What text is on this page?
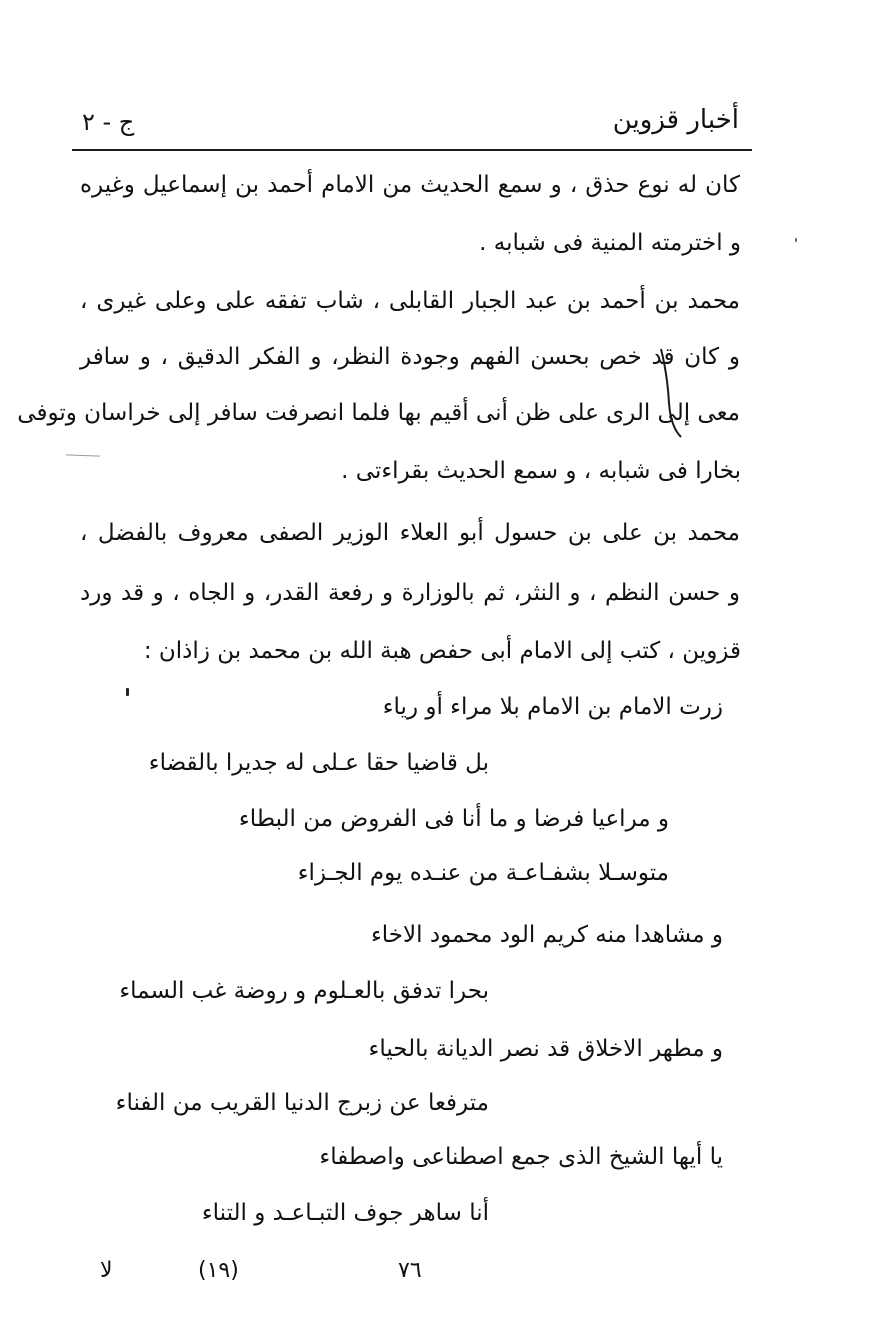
أخبار قزوين
ج - ٢
كان له نوع حذق ، و سمع الحديث من الامام أحمد بن إسماعيل وغيره
و اخترمته المنية فى شبابه .
محمد بن أحمد بن عبد الجبار القابلى ، شاب تفقه على وعلى غيرى ،
و كان قد خص بحسن الفهم وجودة النظر، و الفكر الدقيق ، و سافر
معى إلى الرى على ظن أنى أقيم بها فلما انصرفت سافر إلى خراسان وتوفى
بخارا فى شبابه ، و سمع الحديث بقراءتى .
محمد بن على بن حسول أبو العلاء الوزير الصفى معروف بالفضل ،
و حسن النظم ، و النثر، ثم بالوزارة و رفعة القدر، و الجاه ، و قد ورد
قزوين ، كتب إلى الامام أبى حفص هبة الله بن محمد بن زاذان :
زرت الامام بن الامام بلا مراء أو رياء
بل قاضيا حقا عـلى له جديرا بالقضاء
و مراعيا فرضا و ما أنا فى الفروض من البطاء
متوسـلا بشفـاعـة من عنـده يوم الجـزاء
و مشاهدا منه كريم الود محمود الاخاء
بحرا تدفق بالعـلوم و روضة غب السماء
و مطهر الاخلاق قد نصر الديانة بالحياء
مترفعا عن زبرج الدنيا القريب من الفناء
يا أيها الشيخ الذى جمع اصطناعى واصطفاء
أنا ساهر جوف التبـاعـد و التناء
٧٦
(١٩)
لا
